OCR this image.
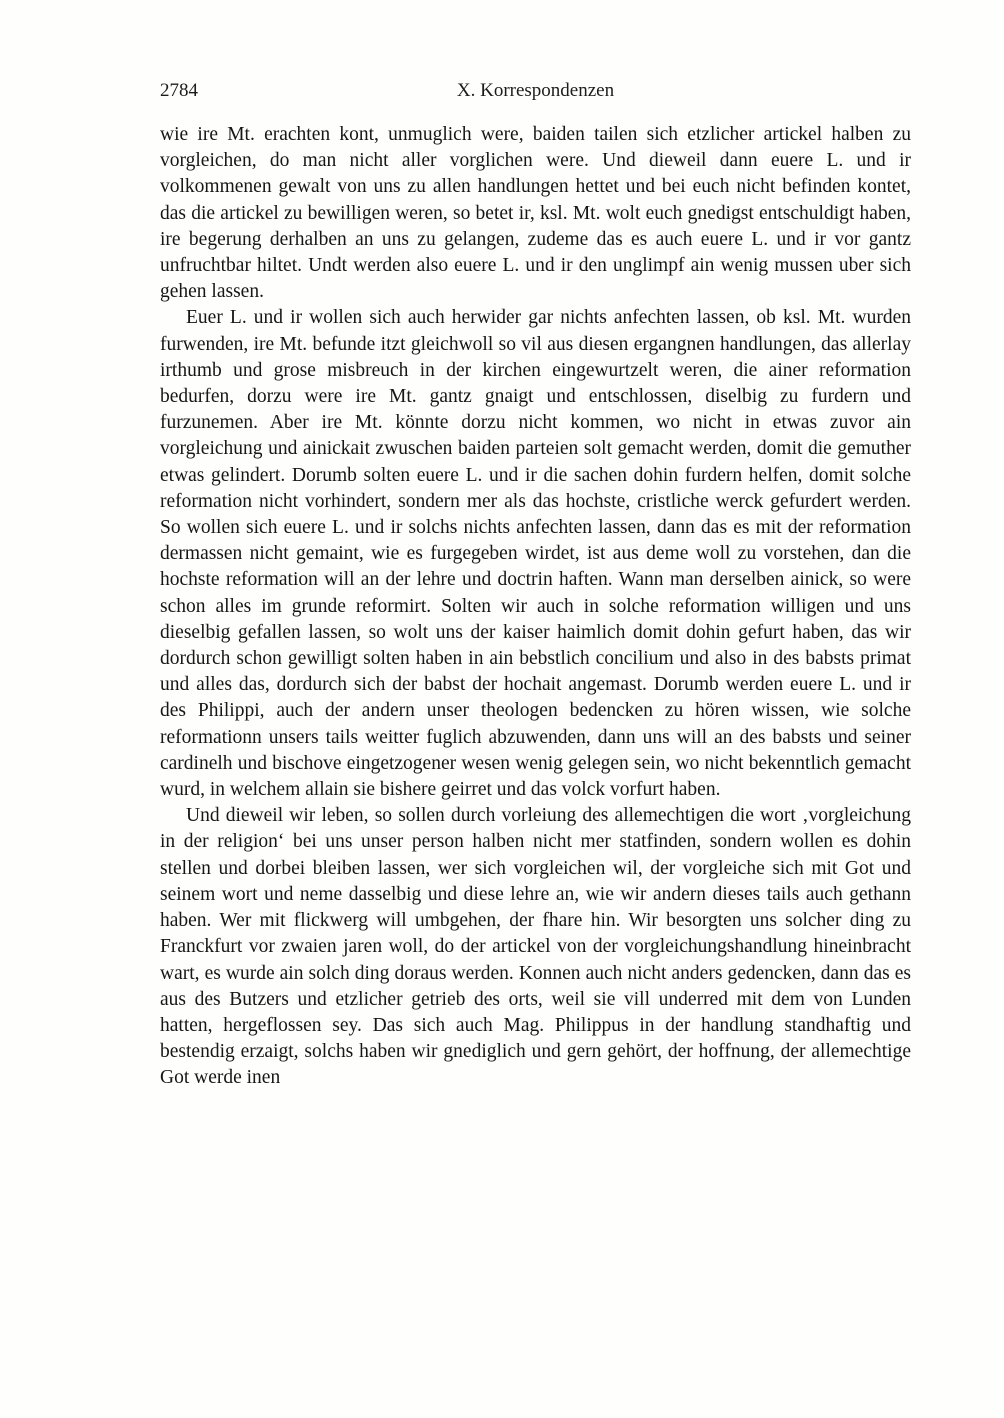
2784	X. Korrespondenzen

wie ire Mt. erachten kont, unmuglich were, baiden tailen sich etzlicher artickel halben zu vorgleichen, do man nicht aller vorglichen were. Und dieweil dann euere L. und ir volkommenen gewalt von uns zu allen handlungen hettet und bei euch nicht befinden kontet, das die artickel zu bewilligen weren, so betet ir, ksl. Mt. wolt euch gnedigst entschuldigt haben, ire begerung derhalben an uns zu gelangen, zudeme das es auch euere L. und ir vor gantz unfruchtbar hiltet. Undt werden also euere L. und ir den unglimpf ain wenig mussen uber sich gehen lassen.

Euer L. und ir wollen sich auch herwider gar nichts anfechten lassen, ob ksl. Mt. wurden furwenden, ire Mt. befunde itzt gleichwoll so vil aus diesen ergangnen handlungen, das allerlay irthumb und grose misbreuch in der kirchen eingewurtzelt weren, die ainer reformation bedurfen, dorzu were ire Mt. gantz gnaigt und entschlossen, diselbig zu furdern und furzunemen. Aber ire Mt. könnte dorzu nicht kommen, wo nicht in etwas zuvor ain vorgleichung und ainickait zwuschen baiden parteien solt gemacht werden, domit die gemuther etwas gelindert. Dorumb solten euere L. und ir die sachen dohin furdern helfen, domit solche reformation nicht vorhindert, sondern mer als das hochste, cristliche werck gefurdert werden. So wollen sich euere L. und ir solchs nichts anfechten lassen, dann das es mit der reformation dermassen nicht gemaint, wie es furgegeben wirdet, ist aus deme woll zu vorstehen, dan die hochste reformation will an der lehre und doctrin haften. Wann man derselben ainick, so were schon alles im grunde reformirt. Solten wir auch in solche reformation willigen und uns dieselbig gefallen lassen, so wolt uns der kaiser haimlich domit dohin gefurt haben, das wir dordurch schon gewilligt solten haben in ain bebstlich concilium und also in des babsts primat und alles das, dordurch sich der babst der hochait angemast. Dorumb werden euere L. und ir des Philippi, auch der andern unser theologen bedencken zu hören wissen, wie solche reformationn unsers tails weitter fuglich abzuwenden, dann uns will an des babsts und seiner cardinelh und bischove eingetzogener wesen wenig gelegen sein, wo nicht bekenntlich gemacht wurd, in welchem allain sie bishere geirret und das volck vorfurt haben.

Und dieweil wir leben, so sollen durch vorleiung des allemechtigen die wort ‚vorgleichung in der religion‘ bei uns unser person halben nicht mer statfinden, sondern wollen es dohin stellen und dorbei bleiben lassen, wer sich vorgleichen wil, der vorgleiche sich mit Got und seinem wort und neme dasselbig und diese lehre an, wie wir andern dieses tails auch gethann haben. Wer mit flickwerg will umbgehen, der fhare hin. Wir besorgten uns solcher ding zu Franckfurt vor zwaien jaren woll, do der artickel von der vorgleichungshandlung hineinbracht wart, es wurde ain solch ding doraus werden. Konnen auch nicht anders gedencken, dann das es aus des Butzers und etzlicher getrieb des orts, weil sie vill underred mit dem von Lunden hatten, hergeflossen sey. Das sich auch Mag. Philippus in der handlung standhaftig und bestendig erzaigt, solchs haben wir gnediglich und gern gehört, der hoffnung, der allemechtige Got werde inen
